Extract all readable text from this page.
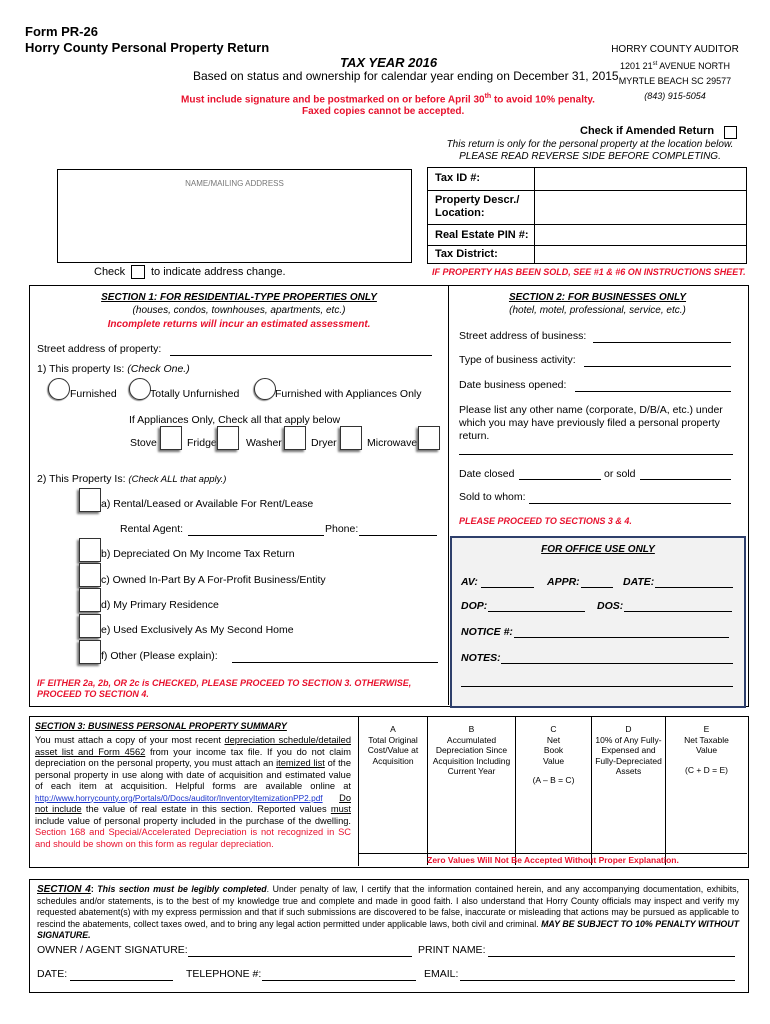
Form PR-26
Horry County Personal Property Return
TAX YEAR 2016
Based on status and ownership for calendar year ending on December 31, 2015
Must include signature and be postmarked on or before April 30th to avoid 10% penalty.
Faxed copies cannot be accepted.
HORRY COUNTY AUDITOR
1201 21st AVENUE NORTH
MYRTLE BEACH SC 29577
(843) 915-5054
Check if Amended Return
This return is only for the personal property at the location below.
PLEASE READ REVERSE SIDE BEFORE COMPLETING.
NAME/MAILING ADDRESS
Check to indicate address change.
Tax ID #:
Property Descr./ Location:
Real Estate PIN #:
Tax District:
IF PROPERTY HAS BEEN SOLD, SEE #1 & #6 ON INSTRUCTIONS SHEET.
SECTION 1: FOR RESIDENTIAL-TYPE PROPERTIES ONLY
(houses, condos, townhouses, apartments, etc.)
Incomplete returns will incur an estimated assessment.
Street address of property:
1) This property Is: (Check One.)
Furnished	Totally Unfurnished	Furnished with Appliances Only
If Appliances Only, Check all that apply below
Stove	Fridge	Washer	Dryer	Microwave
2) This Property Is: (Check ALL that apply.)
a) Rental/Leased or Available For Rent/Lease
Rental Agent:	Phone:
b) Depreciated On My Income Tax Return
c) Owned In-Part By A For-Profit Business/Entity
d) My Primary Residence
e) Used Exclusively As My Second Home
f) Other (Please explain):
IF EITHER 2a, 2b, OR 2c is CHECKED, PLEASE PROCEED TO SECTION 3. OTHERWISE, PROCEED TO SECTION 4.
SECTION 2: FOR BUSINESSES ONLY
(hotel, motel, professional, service, etc.)
Street address of business:
Type of business activity:
Date business opened:
Please list any other name (corporate, D/B/A, etc.) under which you may have previously filed a personal property return.
Date closed	or sold
Sold to whom:
PLEASE PROCEED TO SECTIONS 3 & 4.
FOR OFFICE USE ONLY
AV:	APPR:	DATE:
DOP:	DOS:
NOTICE #:
NOTES:
SECTION 3: BUSINESS PERSONAL PROPERTY SUMMARY
You must attach a copy of your most recent depreciation schedule/detailed asset list and Form 4562 from your income tax file. If you do not claim depreciation on the personal property, you must attach an itemized list of the personal property in use along with date of acquisition and estimated value of each item at acquisition. Helpful forms are available online at http://www.horrycounty.org/Portals/0/Docs/auditor/InventoryItemizationPP2.pdf Do not include the value of real estate in this section. Reported values must include value of personal property included in the purchase of the dwelling. Section 168 and Special/Accelerated Depreciation is not recognized in SC and should be shown on this form as regular depreciation.
A
Total Original Cost/Value at Acquisition
B
Accumulated Depreciation Since Acquisition Including Current Year
C
Net Book Value
(A – B = C)
D
10% of Any Fully-Expensed and Fully-Depreciated Assets
E
Net Taxable Value
(C + D = E)
Zero Values Will Not Be Accepted Without Proper Explanation.
SECTION 4: This section must be legibly completed. Under penalty of law, I certify that the information contained herein, and any accompanying documentation, exhibits, schedules and/or statements, is to the best of my knowledge true and complete and made in good faith. I also understand that Horry County officials may inspect and verify my requested abatement(s) with my express permission and that if such submissions are discovered to be false, inaccurate or misleading that actions may be pursued as applicable to rescind the abatements, collect taxes owed, and to bring any legal action permitted under applicable laws, both civil and criminal. MAY BE SUBJECT TO 10% PENALTY WITHOUT SIGNATURE.
OWNER / AGENT SIGNATURE:	PRINT NAME:
DATE:	TELEPHONE #:	EMAIL:
